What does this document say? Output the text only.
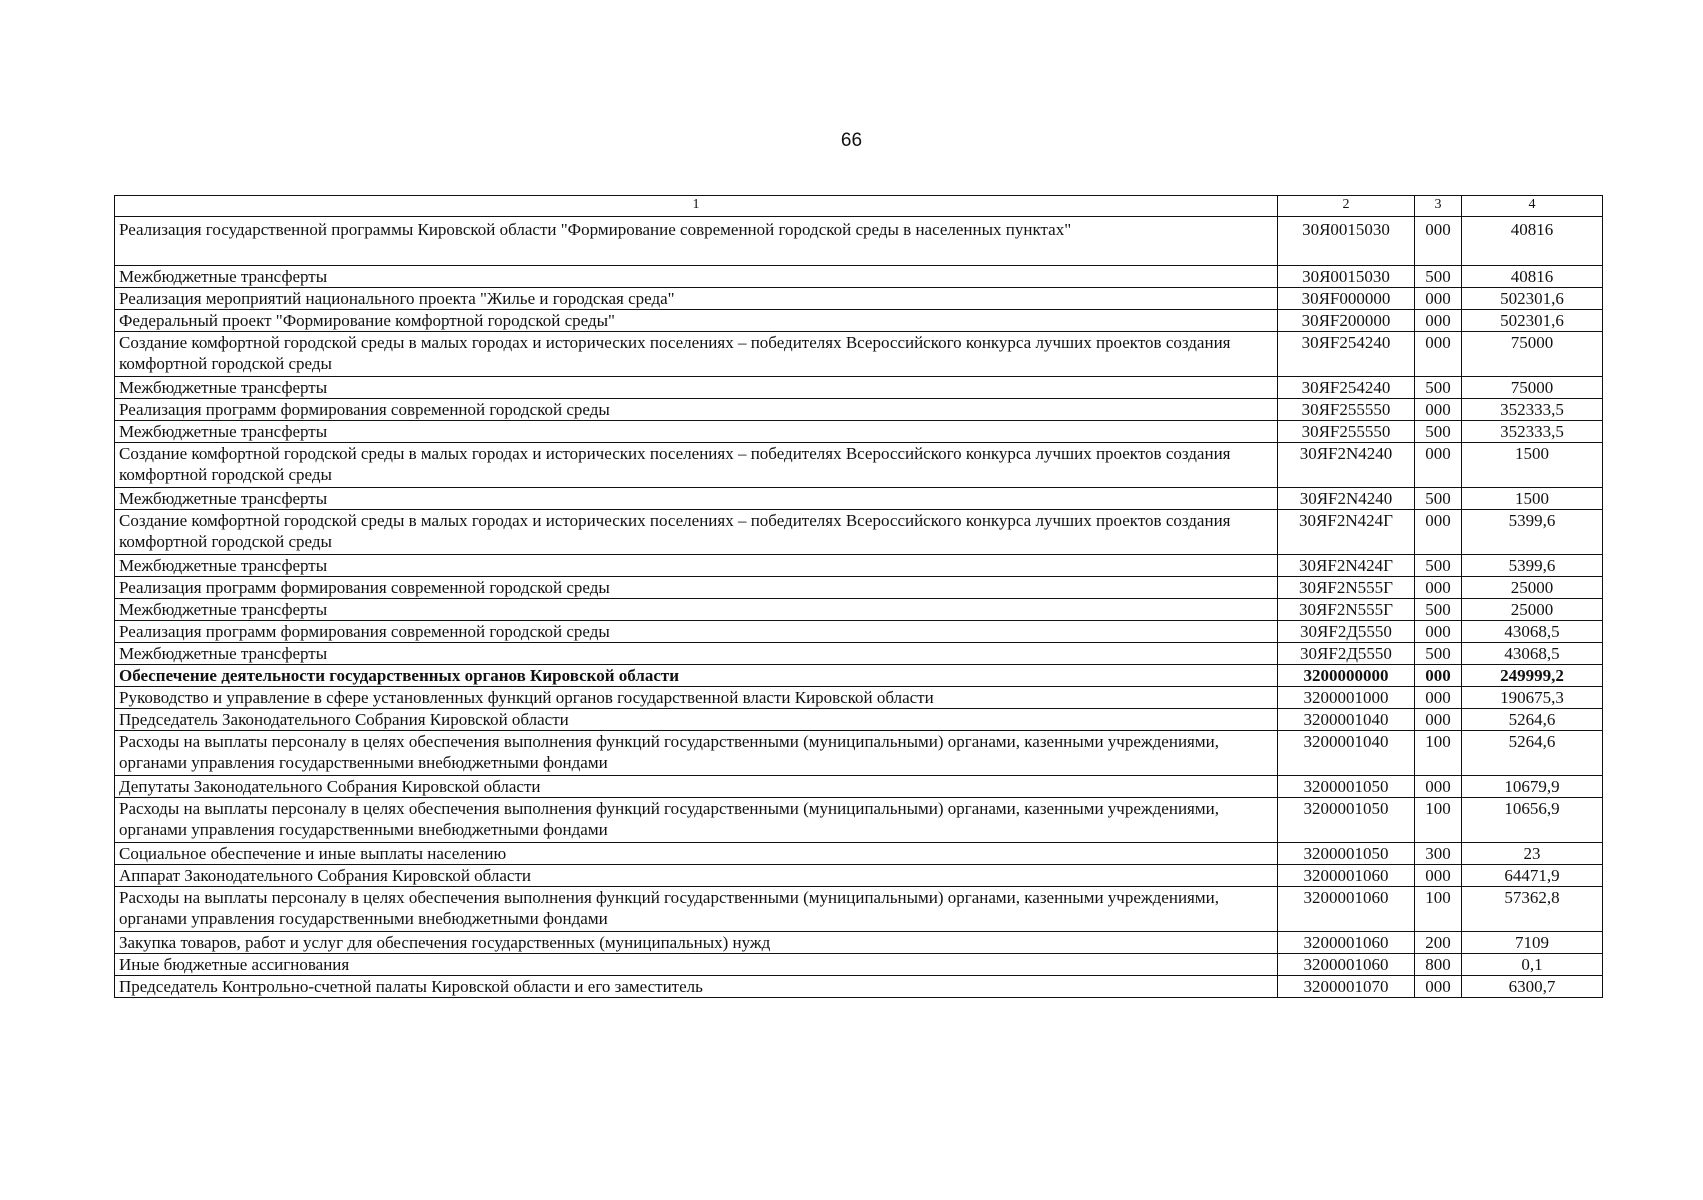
66
1	2	3	4
Реализация государственной программы Кировской области "Формирование современной городской среды в населенных пунктах"	30Я0015030	000	40816
Межбюджетные трансферты	30Я0015030	500	40816
Реализация мероприятий национального проекта "Жилье и городская среда"	30ЯF000000	000	502301,6
Федеральный проект "Формирование комфортной городской среды"	30ЯF200000	000	502301,6
Создание комфортной городской среды в малых городах и исторических поселениях – победителях Всероссийского конкурса лучших проектов создания комфортной городской среды	30ЯF254240	000	75000
Межбюджетные трансферты	30ЯF254240	500	75000
Реализация программ формирования современной городской среды	30ЯF255550	000	352333,5
Межбюджетные трансферты	30ЯF255550	500	352333,5
Создание комфортной городской среды в малых городах и исторических поселениях – победителях Всероссийского конкурса лучших проектов создания комфортной городской среды	30ЯF2N4240	000	1500
Межбюджетные трансферты	30ЯF2N4240	500	1500
Создание комфортной городской среды в малых городах и исторических поселениях – победителях Всероссийского конкурса лучших проектов создания комфортной городской среды	30ЯF2N424Г	000	5399,6
Межбюджетные трансферты	30ЯF2N424Г	500	5399,6
Реализация программ формирования современной городской среды	30ЯF2N555Г	000	25000
Межбюджетные трансферты	30ЯF2N555Г	500	25000
Реализация программ формирования современной городской среды	30ЯF2Д5550	000	43068,5
Межбюджетные трансферты	30ЯF2Д5550	500	43068,5
Обеспечение деятельности государственных органов Кировской области	3200000000	000	249999,2
Руководство и управление в сфере установленных функций органов государственной власти Кировской области	3200001000	000	190675,3
Председатель Законодательного Собрания Кировской области	3200001040	000	5264,6
Расходы на выплаты персоналу в целях обеспечения выполнения функций государственными (муниципальными) органами, казенными учреждениями, органами управления государственными внебюджетными фондами	3200001040	100	5264,6
Депутаты Законодательного Собрания Кировской области	3200001050	000	10679,9
Расходы на выплаты персоналу в целях обеспечения выполнения функций государственными (муниципальными) органами, казенными учреждениями, органами управления государственными внебюджетными фондами	3200001050	100	10656,9
Социальное обеспечение и иные выплаты населению	3200001050	300	23
Аппарат Законодательного Собрания Кировской области	3200001060	000	64471,9
Расходы на выплаты персоналу в целях обеспечения выполнения функций государственными (муниципальными) органами, казенными учреждениями, органами управления государственными внебюджетными фондами	3200001060	100	57362,8
Закупка товаров, работ и услуг для обеспечения государственных (муниципальных) нужд	3200001060	200	7109
Иные бюджетные ассигнования	3200001060	800	0,1
Председатель Контрольно-счетной палаты Кировской области и его заместитель	3200001070	000	6300,7
